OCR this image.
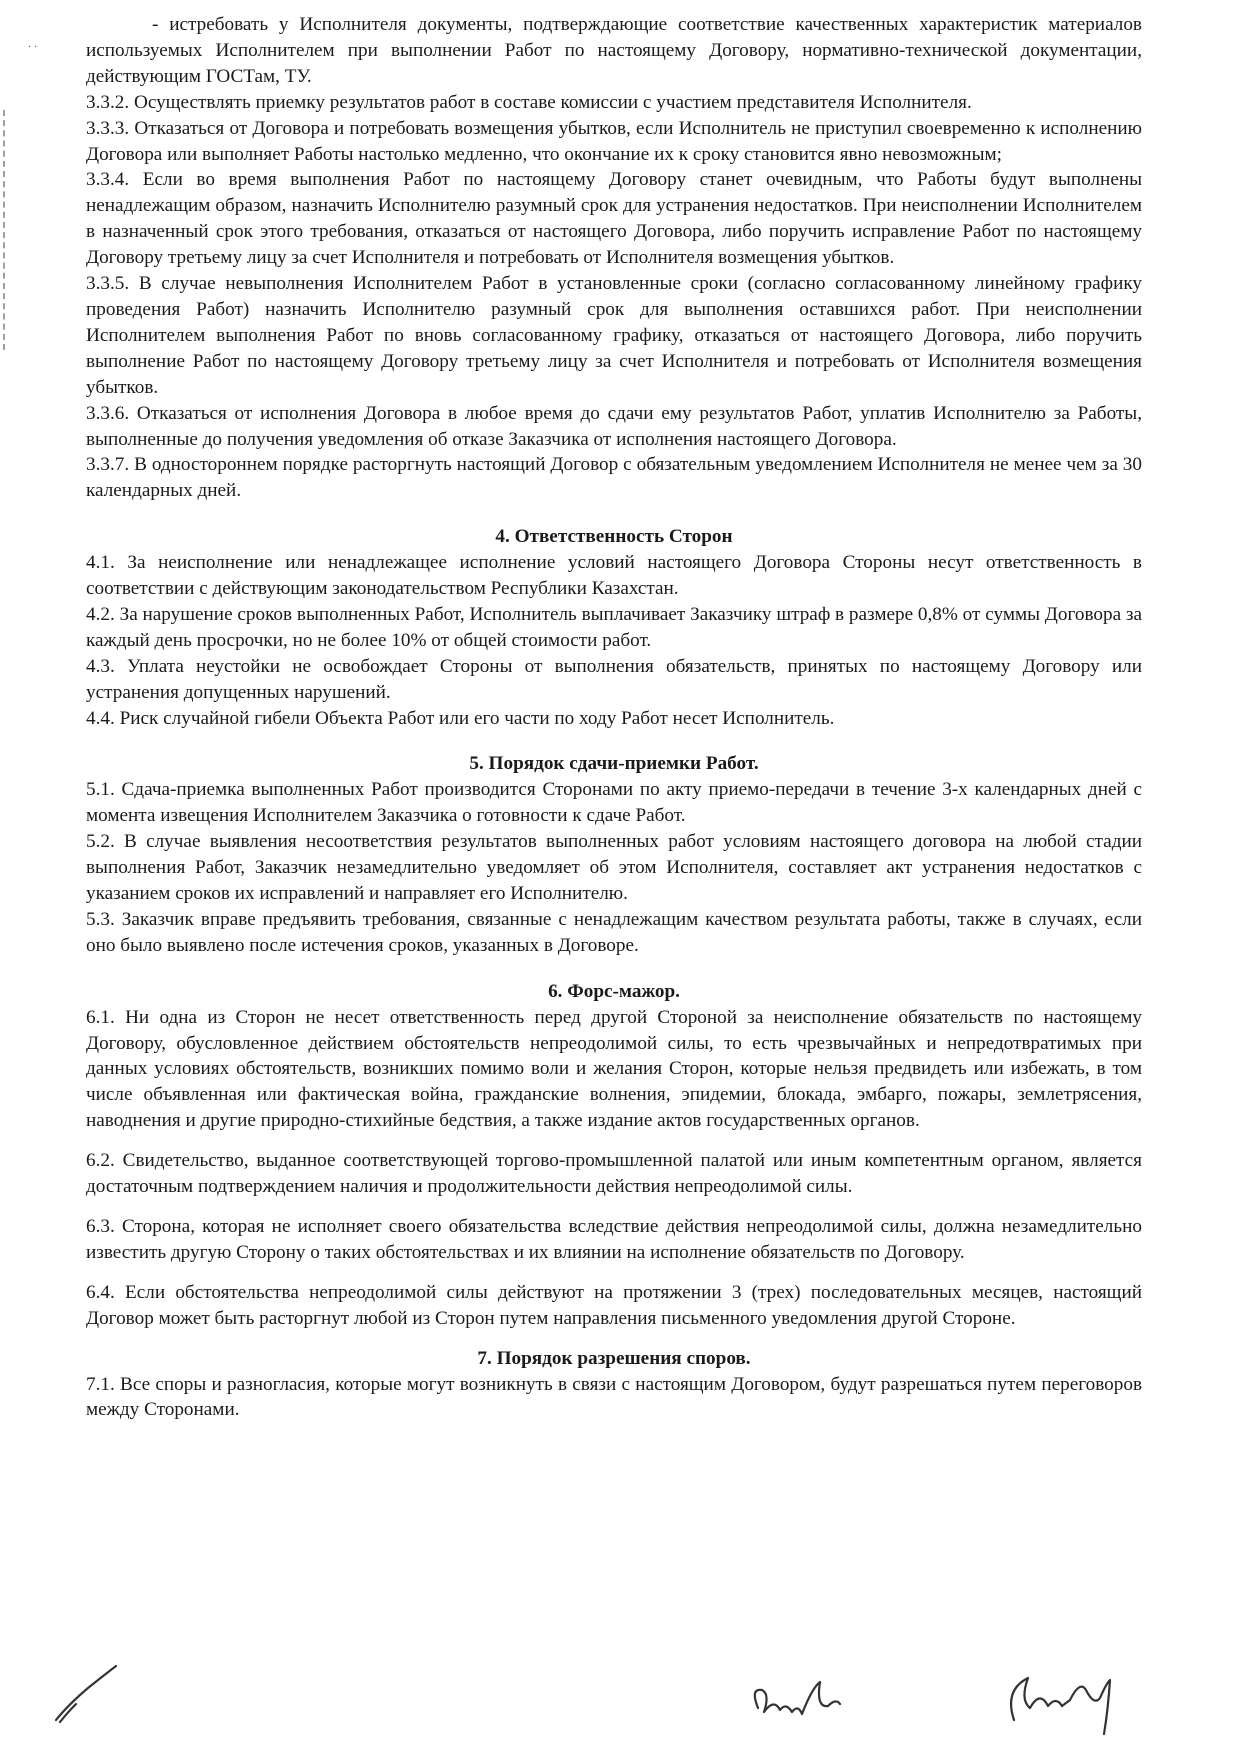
. .

- истребовать у Исполнителя документы, подтверждающие соответствие качественных характеристик материалов используемых Исполнителем при выполнении Работ по настоящему Договору, нормативно-технической документации, действующим ГОСТам, ТУ.

3.3.2. Осуществлять приемку результатов работ в составе комиссии с участием представителя Исполнителя.

3.3.3. Отказаться от Договора и потребовать возмещения убытков, если Исполнитель не приступил своевременно к исполнению Договора или выполняет Работы настолько медленно, что окончание их к сроку становится явно невозможным;

3.3.4. Если во время выполнения Работ по настоящему Договору станет очевидным, что Работы будут выполнены ненадлежащим образом, назначить Исполнителю разумный срок для устранения недостатков. При неисполнении Исполнителем в назначенный срок этого требования, отказаться от настоящего Договора, либо поручить исправление Работ по настоящему Договору третьему лицу за счет Исполнителя и потребовать от Исполнителя возмещения убытков.

3.3.5. В случае невыполнения Исполнителем Работ в установленные сроки (согласно согласованному линейному графику проведения Работ) назначить Исполнителю разумный срок для выполнения оставшихся работ. При неисполнении Исполнителем выполнения Работ по вновь согласованному графику, отказаться от настоящего Договора, либо поручить выполнение Работ по настоящему Договору третьему лицу за счет Исполнителя и потребовать от Исполнителя возмещения убытков.

3.3.6. Отказаться от исполнения Договора в любое время до сдачи ему результатов Работ, уплатив Исполнителю за Работы, выполненные до получения уведомления об отказе Заказчика от исполнения настоящего Договора.

3.3.7. В одностороннем порядке расторгнуть настоящий Договор с обязательным уведомлением Исполнителя не менее чем за 30 календарных дней.

4. Ответственность Сторон

4.1. За неисполнение или ненадлежащее исполнение условий настоящего Договора Стороны несут ответственность в соответствии с действующим законодательством Республики Казахстан.

4.2. За нарушение сроков выполненных Работ, Исполнитель выплачивает Заказчику штраф в размере 0,8% от суммы Договора за каждый день просрочки, но не более 10% от общей стоимости работ.

4.3. Уплата неустойки не освобождает Стороны от выполнения обязательств, принятых по настоящему Договору или устранения допущенных нарушений.

4.4. Риск случайной гибели Объекта Работ или его части по ходу Работ несет Исполнитель.

5. Порядок сдачи-приемки Работ.

5.1. Сдача-приемка выполненных Работ производится Сторонами по акту приемо-передачи в течение 3-х календарных дней с момента извещения Исполнителем Заказчика о готовности к сдаче Работ.

5.2. В случае выявления несоответствия результатов выполненных работ условиям настоящего договора на любой стадии выполнения Работ, Заказчик незамедлительно уведомляет об этом Исполнителя, составляет акт устранения недостатков с указанием сроков их исправлений и направляет его Исполнителю.

5.3. Заказчик вправе предъявить требования, связанные с ненадлежащим качеством результата работы, также в случаях, если оно было выявлено после истечения сроков, указанных в Договоре.

6. Форс-мажор.

6.1. Ни одна из Сторон не несет ответственность перед другой Стороной за неисполнение обязательств по настоящему Договору, обусловленное действием обстоятельств непреодолимой силы, то есть чрезвычайных и непредотвратимых при данных условиях обстоятельств, возникших помимо воли и желания Сторон, которые нельзя предвидеть или избежать, в том числе объявленная или фактическая война, гражданские волнения, эпидемии, блокада, эмбарго, пожары, землетрясения, наводнения и другие природно-стихийные бедствия, а также издание актов государственных органов.

6.2. Свидетельство, выданное соответствующей торгово-промышленной палатой или иным компетентным органом, является достаточным подтверждением наличия и продолжительности действия непреодолимой силы.

6.3. Сторона, которая не исполняет своего обязательства вследствие действия непреодолимой силы, должна незамедлительно известить другую Сторону о таких обстоятельствах и их влиянии на исполнение обязательств по Договору.

6.4. Если обстоятельства непреодолимой силы действуют на протяжении 3 (трех) последовательных месяцев, настоящий Договор может быть расторгнут любой из Сторон путем направления письменного уведомления другой Стороне.

7. Порядок разрешения споров.

7.1. Все споры и разногласия, которые могут возникнуть в связи с настоящим Договором, будут разрешаться путем переговоров между Сторонами.
